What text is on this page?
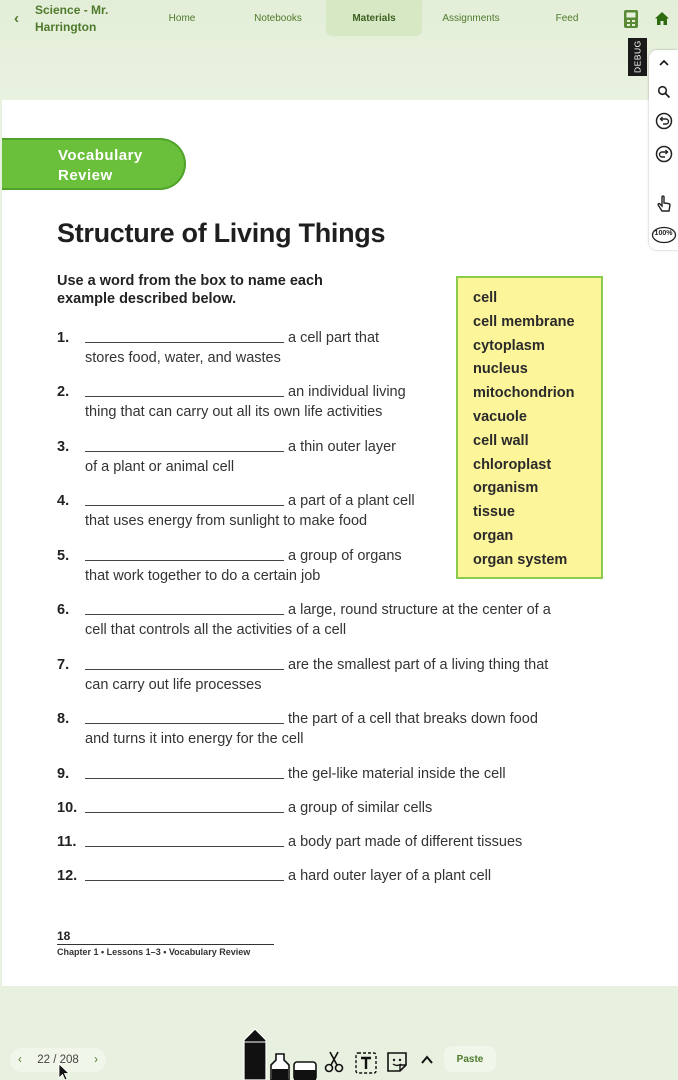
‹ Science - Mr. Harrington
Home	Notebooks	Materials	Assignments	Feed
Vocabulary Review
Structure of Living Things
Use a word from the box to name each example described below.	cell
cell membrane
cytoplasm
nucleus
mitochondrion
vacuole
cell wall
chloroplast
organism
tissue
organ
organ system
1.	a cell part that
stores food, water, and wastes
2.	an individual living
thing that can carry out all its own life activities
3.	a thin outer layer
of a plant or animal cell
4.	a part of a plant cell
that uses energy from sunlight to make food
5.	a group of organs
that work together to do a certain job
6.	a large, round structure at the center of a
cell that controls all the activities of a cell
7.	are the smallest part of a living thing that
can carry out life processes
8.	the part of a cell that breaks down food
and turns it into energy for the cell
9.	the gel-like material inside the cell
10.	a group of similar cells
11.	a body part made of different tissues
12.	a hard outer layer of a plant cell
18
Chapter 1 • Lessons 1–3 • Vocabulary Review
DEBUG
100%
‹ 22 / 208 ›	Paste
